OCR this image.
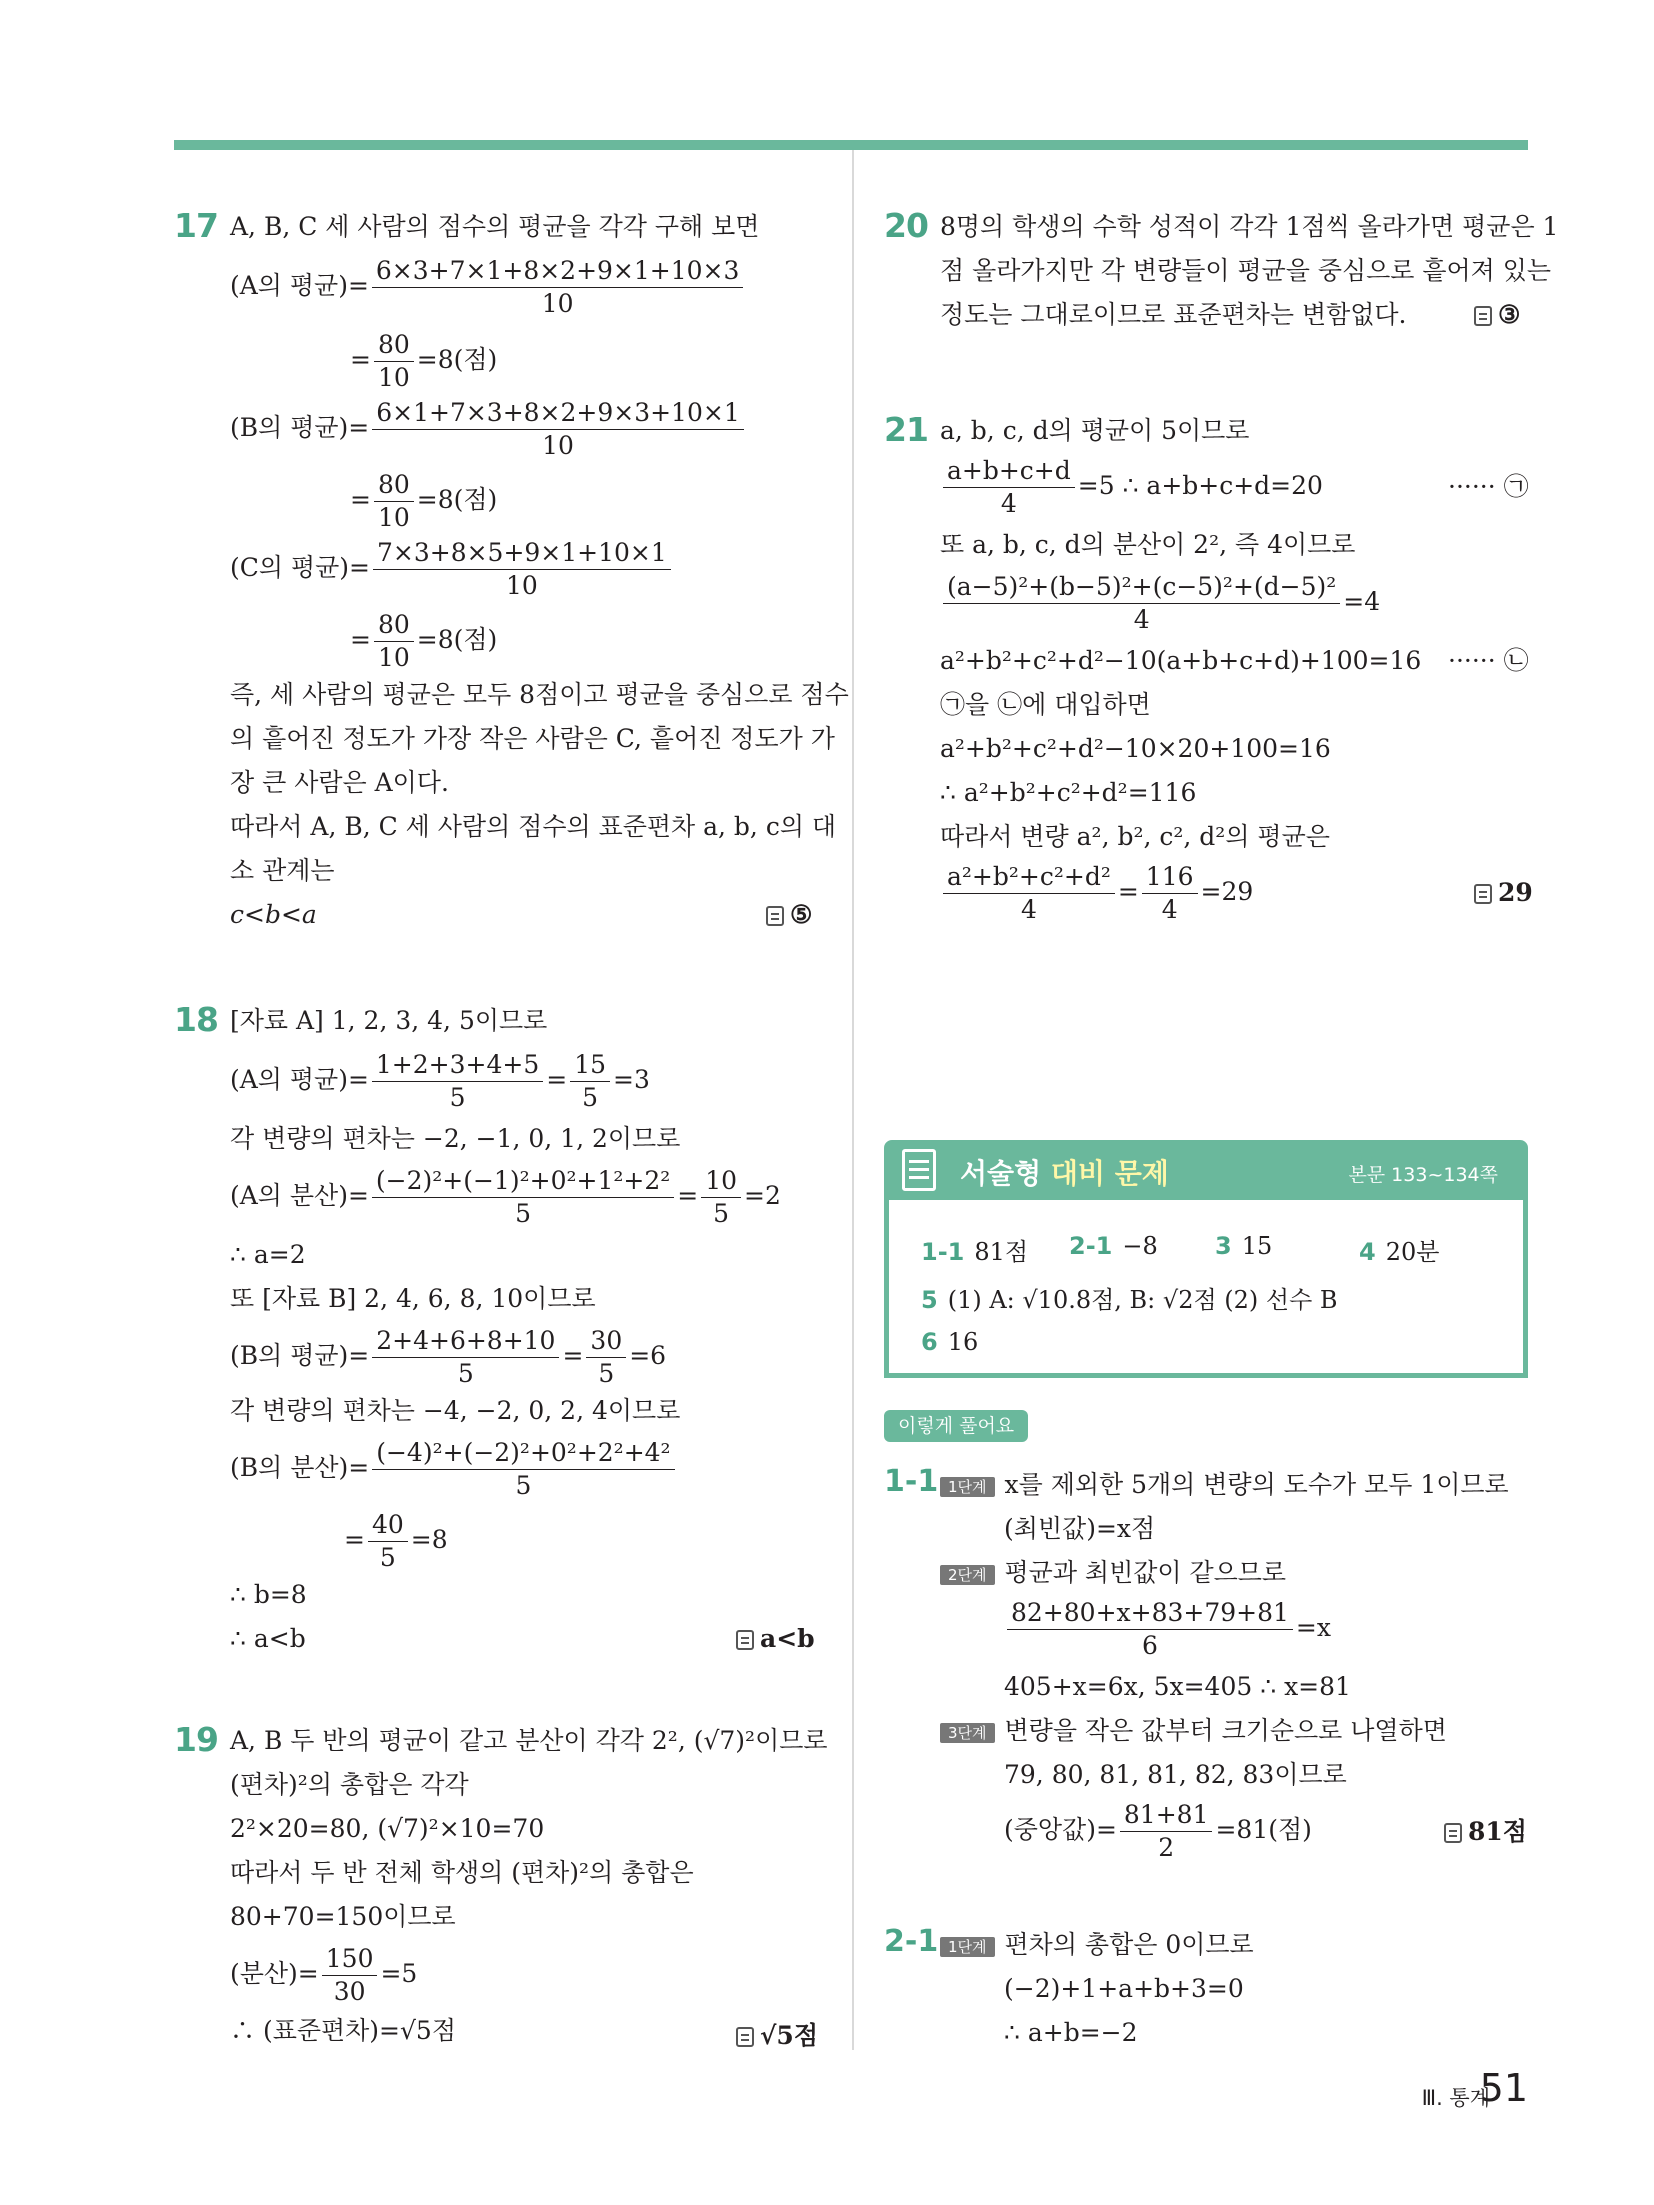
17 A, B, C 세 사람의 점수의 평균을 각각 구해 보면
(A의 평균)= $\frac{6\times 3+7\times 1+8\times 2+9\times 1+10\times 3}{10}$
= $\frac{80}{10} =8$(점)
(B의 평균)= $\frac{6\times 1+7\times 3+8\times 2+9\times 3+10\times 1}{10}$
= $\frac{80}{10} =8$(점)
(C의 평균)= $\frac{7\times 3+8\times 5+9\times 1+10\times 1}{10}$
= $\frac{80}{10} =8$(점)
즉, 세 사람의 평균은 모두 8점이고 평균을 중심으로 점수
의 흩어진 정도가 가장 작은 사람은 C, 흩어진 정도가 가
장 큰 사람은 A이다.
따라서 A, B, C 세 사람의 점수의 표준편차 a, b, c의 대
소 관계는
c<b<a	⑤
18 [자료 A] 1, 2, 3, 4, 5이므로
(A의 평균)= $\frac{1+2+3+4+5}{5} = \frac{15}{5} =3$
각 변량의 편차는 −2, −1, 0, 1, 2이므로
(A의 분산)= $\frac{\text{(−2)²+(−1)²+0²+1²+2²}}{5} = \frac{10}{5} =2$
∴ a=2
또 [자료 B] 2, 4, 6, 8, 10이므로
(B의 평균)= $\frac{2+4+6+8+10}{5} = \frac{30}{5} =6$
각 변량의 편차는 −4, −2, 0, 2, 4이므로
(B의 분산)= $\frac{\text{(−4)²+(−2)²+0²+2²+4²}}{5}$
= $\frac{40}{5} =8$
∴ b=8
∴ a<b	a<b
19 A, B 두 반의 평균이 같고 분산이 각각 2², (√7)²이므로
(편차)²의 총합은 각각
2²×20=80, (√7)²×10=70
따라서 두 반 전체 학생의 (편차)²의 총합은
80+70=150이므로
(분산)= $\frac{150}{30} =5$
∴ (표준편차)=√5점	√5점
20 8명의 학생의 수학 성적이 각각 1점씩 올라가면 평균은 1
점 올라가지만 각 변량들이 평균을 중심으로 흩어져 있는
정도는 그대로이므로 표준편차는 변함없다.	③
21 a, b, c, d의 평균이 5이므로
$\frac{a+b+c+d}{4} =5$ ∴ a+b+c+d=20	······ ㉠
또 a, b, c, d의 분산이 2², 즉 4이므로
$\frac{\text{(a−5)²+(b−5)²+(c−5)²+(d−5)²}}{4} =4$
a²+b²+c²+d²−10(a+b+c+d)+100=16 ······ ㉡
㉠을 ㉡에 대입하면
a²+b²+c²+d²−10×20+100=16
∴ a²+b²+c²+d²=116
따라서 변량 a², b², c², d²의 평균은
$\frac{\text{a²+b²+c²+d²}}{4} = \frac{116}{4} =29$	29
서술형 대비 문제	본문 133~134쪽
1-1 81점 2-1 −8 3 15	4 20분
5 (1) A: √10.8점, B: √2점 (2) 선수 B
6 16
이렇게 풀어요
1-1 1단계 x를 제외한 5개의 변량의 도수가 모두 1이므로
(최빈값)=x점
2단계 평균과 최빈값이 같으므로
$\frac{82+80+x+83+79+81}{6} =x$
405+x=6x, 5x=405 ∴ x=81
3단계 변량을 작은 값부터 크기순으로 나열하면
79, 80, 81, 81, 82, 83이므로
(중앙값)= $\frac{81+81}{2} =81$(점)	81점
2-1 1단계 편차의 총합은 0이므로
(−2)+1+a+b+3=0
∴ a+b=−2
Ⅲ. 통계
51
